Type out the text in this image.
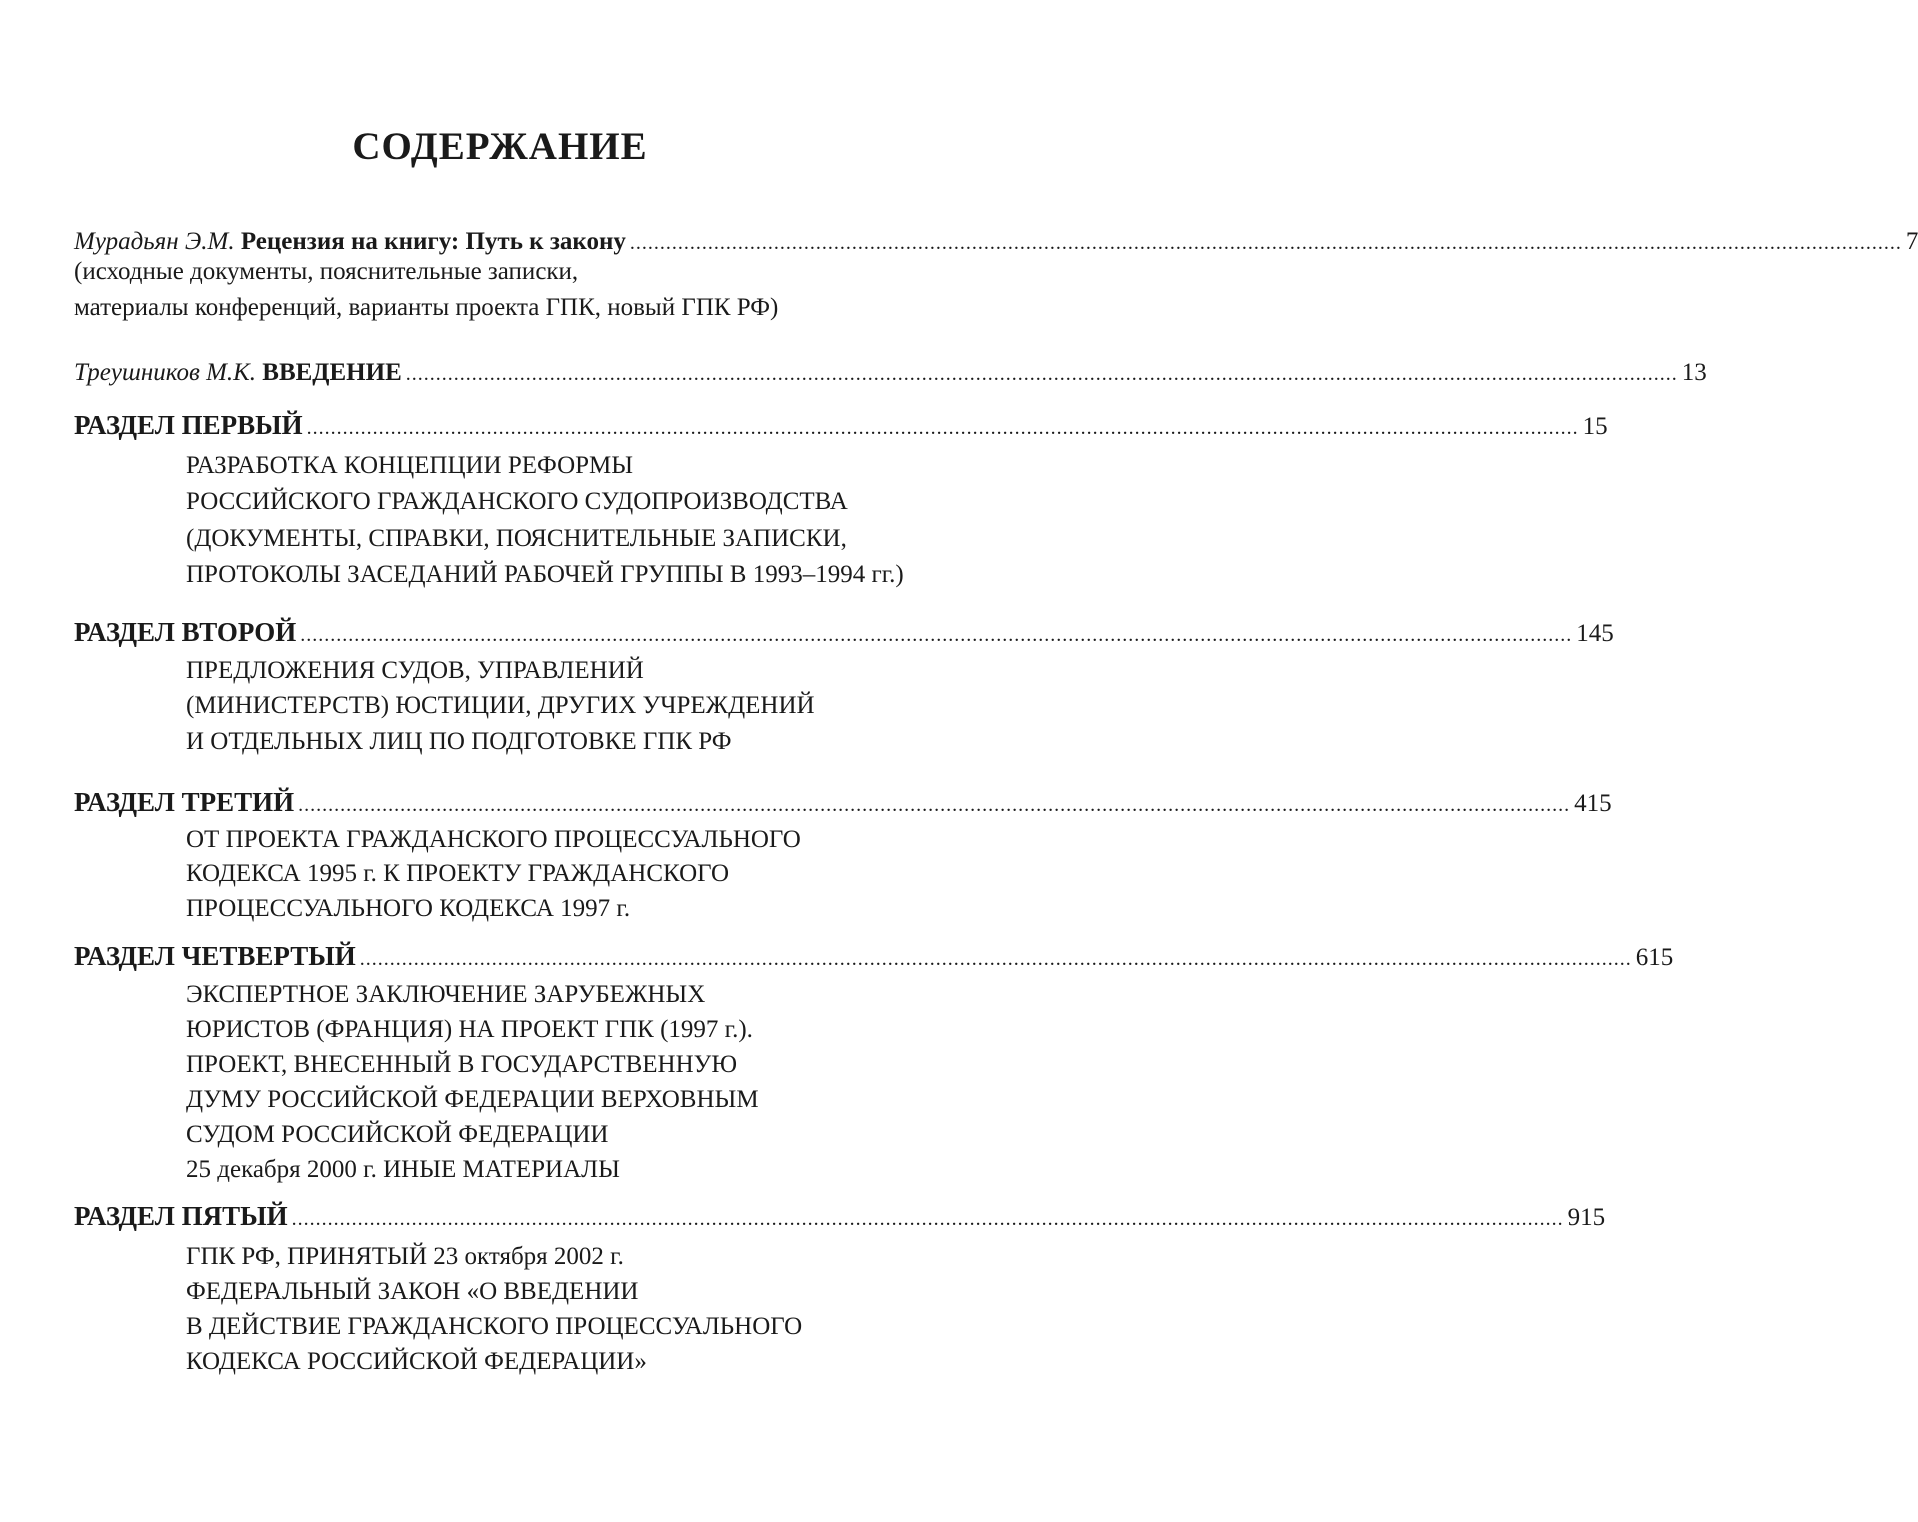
СОДЕРЖАНИЕ
Мурадьян Э.М. Рецензия на книгу: Путь к закону .................................................................................................................................................................................................................... 7
(исходные документы, пояснительные записки,
материалы конференций, варианты проекта ГПК, новый ГПК РФ)
Треушников М.К. ВВЕДЕНИЕ .................................................................................................................................................................................................................... 13
РАЗДЕЛ ПЕРВЫЙ .................................................................................................................................................................................................................... 15
РАЗРАБОТКА КОНЦЕПЦИИ РЕФОРМЫ
РОССИЙСКОГО ГРАЖДАНСКОГО СУДОПРОИЗВОДСТВА
(ДОКУМЕНТЫ, СПРАВКИ, ПОЯСНИТЕЛЬНЫЕ ЗАПИСКИ,
ПРОТОКОЛЫ ЗАСЕДАНИЙ РАБОЧЕЙ ГРУППЫ В 1993–1994 гг.)
РАЗДЕЛ ВТОРОЙ .................................................................................................................................................................................................................... 145
ПРЕДЛОЖЕНИЯ СУДОВ, УПРАВЛЕНИЙ
(МИНИСТЕРСТВ) ЮСТИЦИИ, ДРУГИХ УЧРЕЖДЕНИЙ
И ОТДЕЛЬНЫХ ЛИЦ ПО ПОДГОТОВКЕ ГПК РФ
РАЗДЕЛ ТРЕТИЙ .................................................................................................................................................................................................................... 415
ОТ ПРОЕКТА ГРАЖДАНСКОГО ПРОЦЕССУАЛЬНОГО
КОДЕКСА 1995 г. К ПРОЕКТУ ГРАЖДАНСКОГО
ПРОЦЕССУАЛЬНОГО КОДЕКСА 1997 г.
РАЗДЕЛ ЧЕТВЕРТЫЙ .................................................................................................................................................................................................................... 615
ЭКСПЕРТНОЕ ЗАКЛЮЧЕНИЕ ЗАРУБЕЖНЫХ
ЮРИСТОВ (ФРАНЦИЯ) НА ПРОЕКТ ГПК (1997 г.).
ПРОЕКТ, ВНЕСЕННЫЙ В ГОСУДАРСТВЕННУЮ
ДУМУ РОССИЙСКОЙ ФЕДЕРАЦИИ ВЕРХОВНЫМ
СУДОМ РОССИЙСКОЙ ФЕДЕРАЦИИ
25 декабря 2000 г. ИНЫЕ МАТЕРИАЛЫ
РАЗДЕЛ ПЯТЫЙ .................................................................................................................................................................................................................... 915
ГПК РФ, ПРИНЯТЫЙ 23 октября 2002 г.
ФЕДЕРАЛЬНЫЙ ЗАКОН «О ВВЕДЕНИИ
В ДЕЙСТВИЕ ГРАЖДАНСКОГО ПРОЦЕССУАЛЬНОГО
КОДЕКСА РОССИЙСКОЙ ФЕДЕРАЦИИ»
